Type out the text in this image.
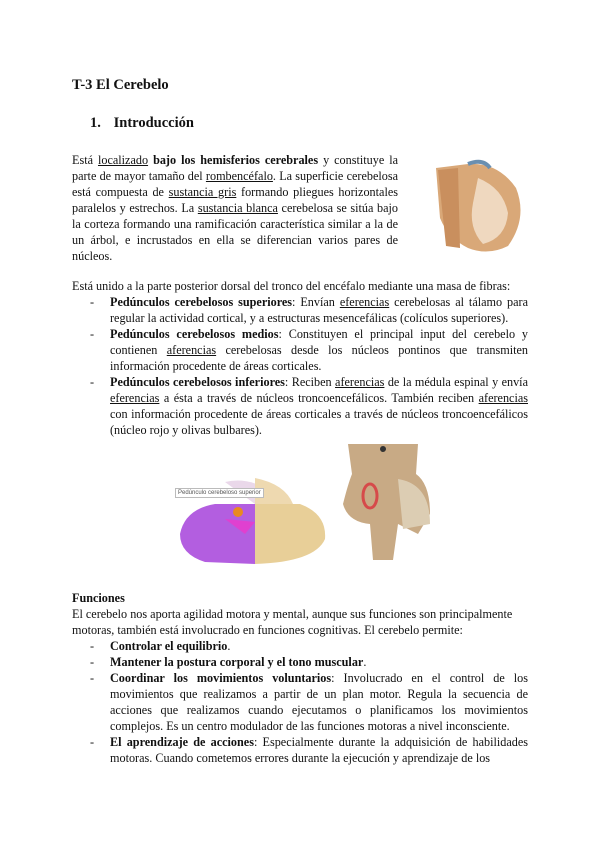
T-3 El Cerebelo
1. Introducción

Está localizado bajo los hemisferios cerebrales y constituye la parte de mayor tamaño del rombencéfalo. La superficie cerebelosa está compuesta de sustancia gris formando pliegues horizontales paralelos y estrechos. La sustancia blanca cerebelosa se sitúa bajo la corteza formando una ramificación característica similar a la de un árbol, e incrustados en ella se diferencian varios pares de núcleos.

Está unido a la parte posterior dorsal del tronco del encéfalo mediante una masa de fibras:

- Pedúnculos cerebelosos superiores: Envían eferencias cerebelosas al tálamo para regular la actividad cortical, y a estructuras mesencefálicas (colículos superiores).
- Pedúnculos cerebelosos medios: Constituyen el principal input del cerebelo y contienen aferencias cerebelosas desde los núcleos pontinos que transmiten información procedente de áreas corticales.
- Pedúnculos cerebelosos inferiores: Reciben aferencias de la médula espinal y envía eferencias a ésta a través de núcleos troncoencefálicos. También reciben aferencias con información procedente de áreas corticales a través de núcleos troncoencefálicos (núcleo rojo y olivas bulbares).
Pedúnculo cerebeloso superior
Funciones

El cerebelo nos aporta agilidad motora y mental, aunque sus funciones son principalmente motoras, también está involucrado en funciones cognitivas. El cerebelo permite:

- Controlar el equilibrio.
- Mantener la postura corporal y el tono muscular.
- Coordinar los movimientos voluntarios: Involucrado en el control de los movimientos que realizamos a partir de un plan motor. Regula la secuencia de acciones que realizamos cuando ejecutamos o planificamos los movimientos complejos. Es un centro modulador de las funciones motoras a nivel inconsciente.
- El aprendizaje de acciones: Especialmente durante la adquisición de habilidades motoras. Cuando cometemos errores durante la ejecución y aprendizaje de los
